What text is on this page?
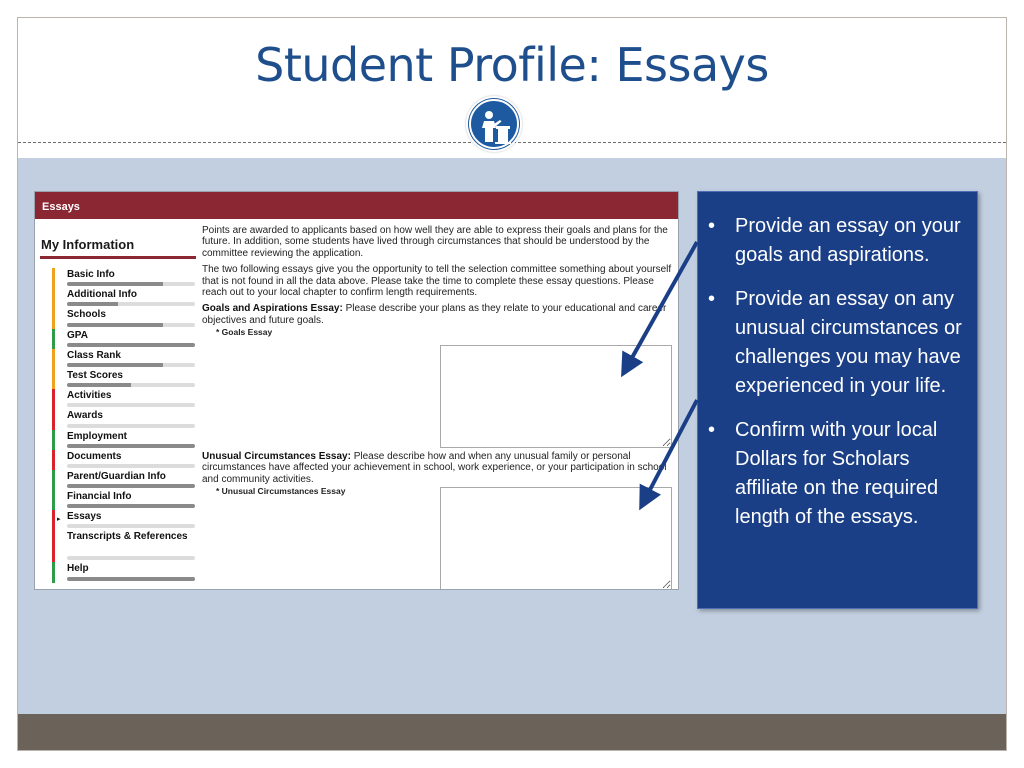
Student Profile: Essays
Essays
My Information
Basic Info
Additional Info
Schools
GPA
Class Rank
Test Scores
Activities
Awards
Employment
Documents
Parent/Guardian Info
Financial Info
▸ Essays
Transcripts & References
Help

Points are awarded to applicants based on how well they are able to express their goals and plans for the future. In addition, some students have lived through circumstances that should be understood by the committee reviewing the application.

The two following essays give you the opportunity to tell the selection committee something about yourself that is not found in all the data above. Please take the time to complete these essay questions. Please reach out to your local chapter to confirm length requirements.

Goals and Aspirations Essay: Please describe your plans as they relate to your educational and career objectives and future goals.
* Goals Essay
Unusual Circumstances Essay: Please describe how and when any unusual family or personal circumstances have affected your achievement in school, work experience, or your participation in school and community activities.
* Unusual Circumstances Essay
• Provide an essay on your goals and aspirations.
• Provide an essay on any unusual circumstances or challenges you may have experienced in your life.
• Confirm with your local Dollars for Scholars affiliate on the required length of the essays.
